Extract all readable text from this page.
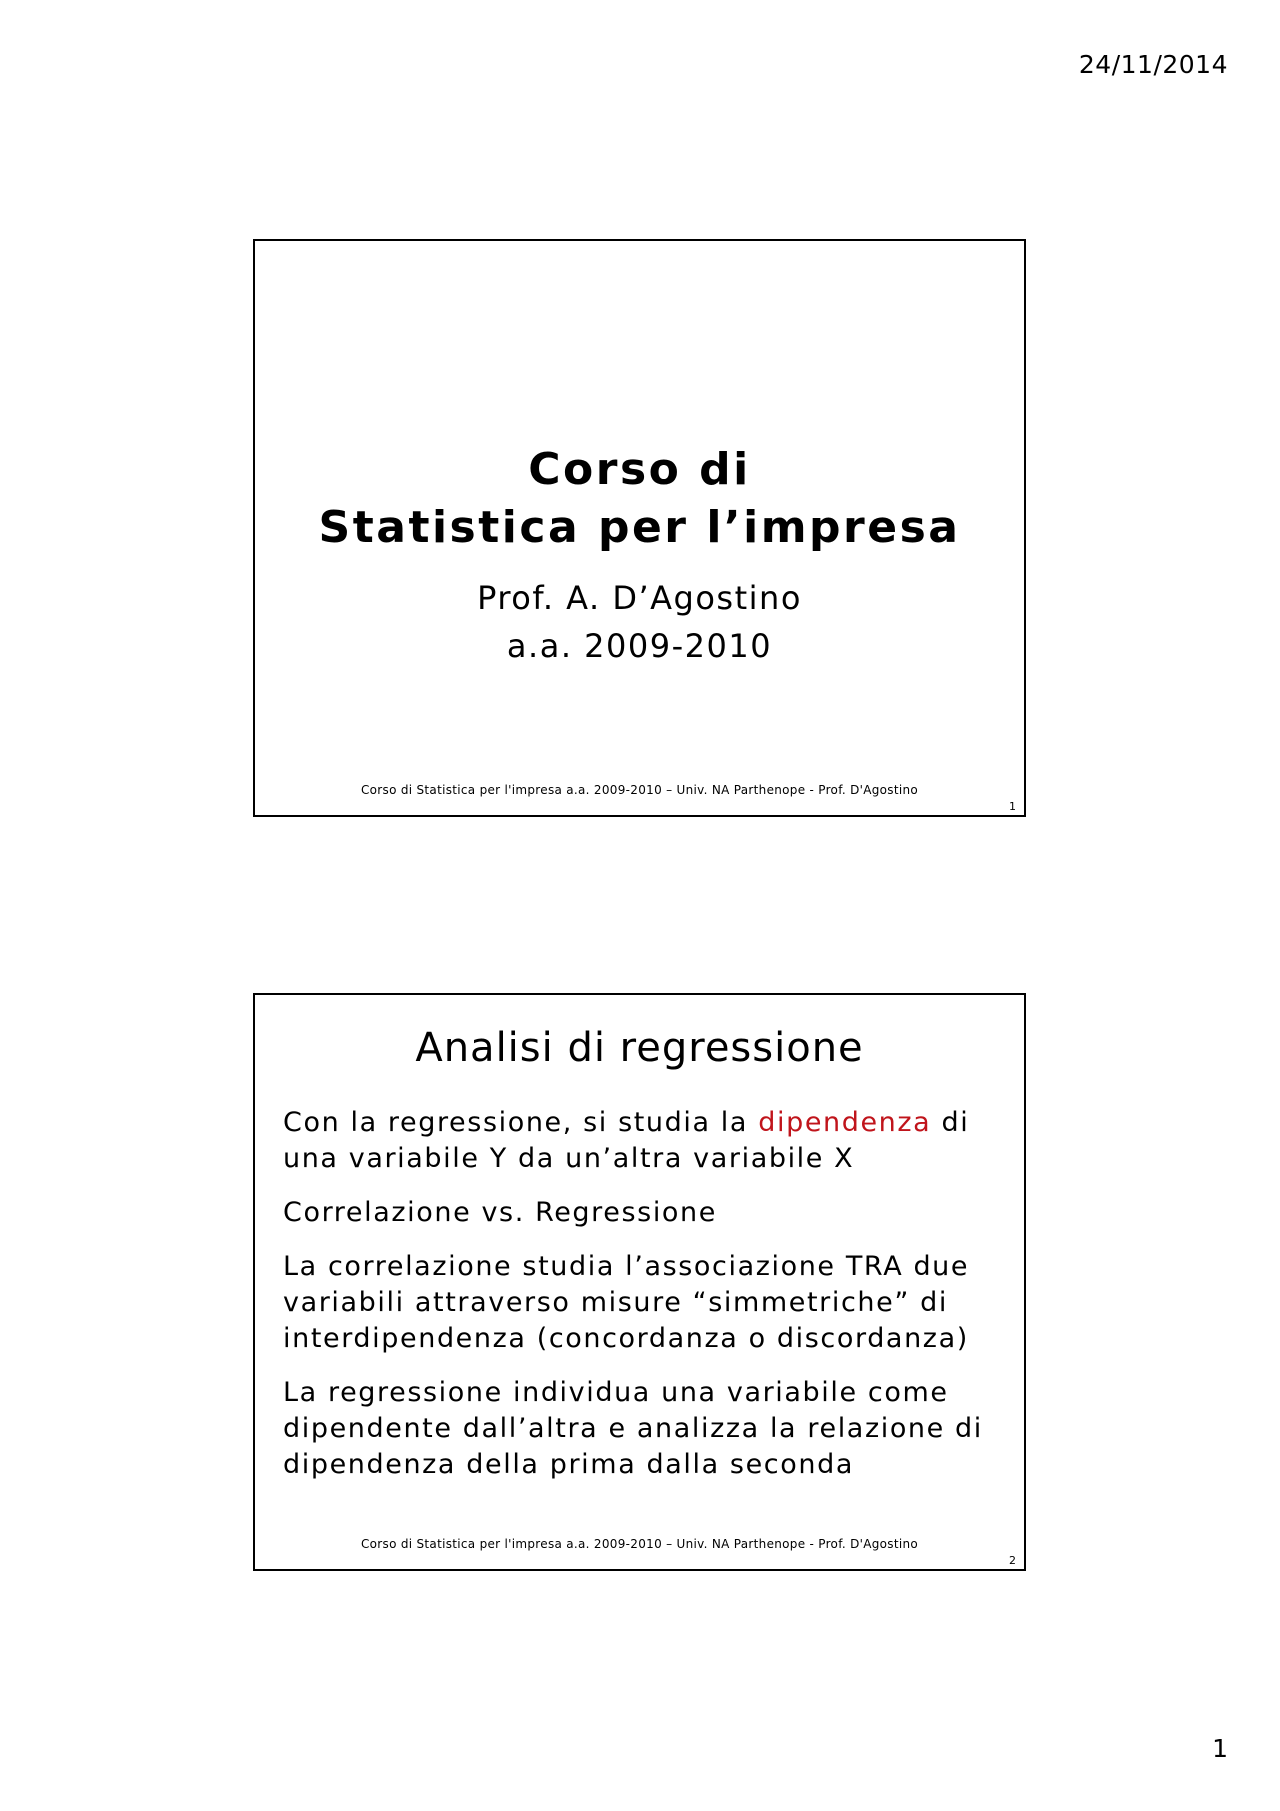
24/11/2014
Corso di
Statistica per l’impresa
Prof. A. D’Agostino
a.a. 2009-2010
Corso di Statistica per l'impresa a.a. 2009-2010 – Univ. NA Parthenope - Prof. D'Agostino
1
Analisi di regressione

Con la regressione, si studia la dipendenza di una variabile Y da un’altra variabile X

Correlazione vs. Regressione

La correlazione studia l’associazione TRA due variabili attraverso misure “simmetriche” di interdipendenza (concordanza o discordanza)

La regressione individua una variabile come dipendente dall’altra e analizza la relazione di dipendenza della prima dalla seconda

Corso di Statistica per l'impresa a.a. 2009-2010 – Univ. NA Parthenope - Prof. D'Agostino
2
1
